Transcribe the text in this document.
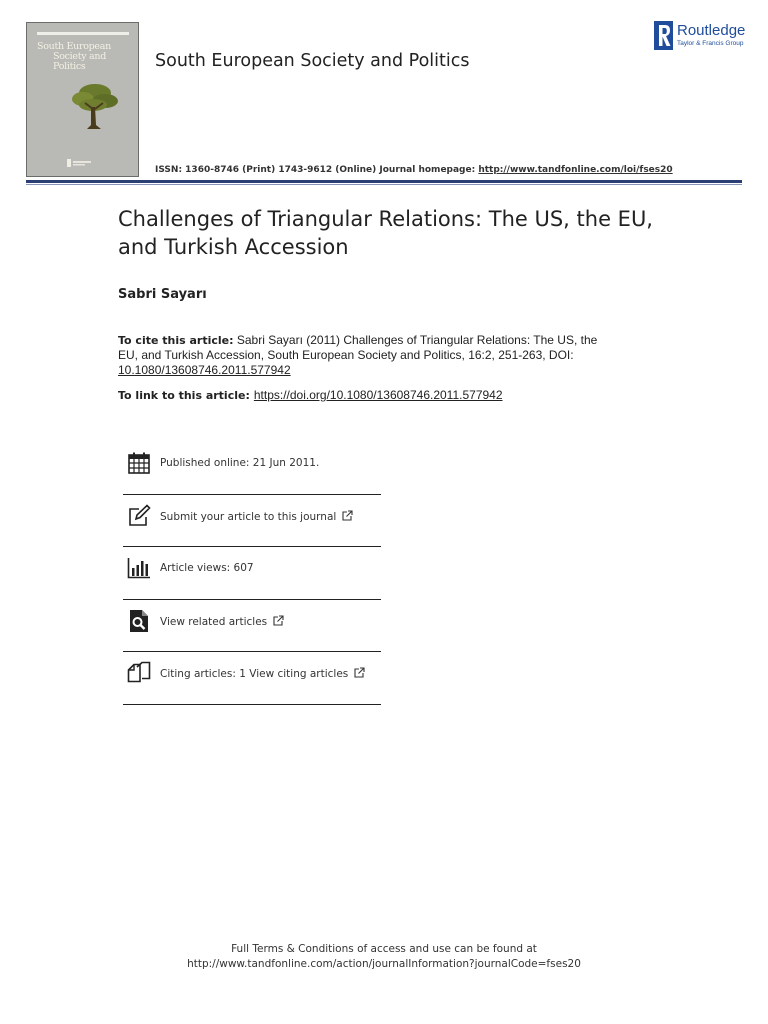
South European
Society and Politics	South European Society and Politics
ISSN: 1360-8746 (Print) 1743-9612 (Online) Journal homepage: http://www.tandfonline.com/loi/fses20
Routledge
Taylor & Francis Group
Challenges of Triangular Relations: The US, the EU, and Turkish Accession
Sabri Sayarı
To cite this article: Sabri Sayarı (2011) Challenges of Triangular Relations: The US, the EU, and Turkish Accession, South European Society and Politics, 16:2, 251-263, DOI: 10.1080/13608746.2011.577942
To link to this article: https://doi.org/10.1080/13608746.2011.577942
Published online: 21 Jun 2011.
Submit your article to this journal
Article views: 607
View related articles
Citing articles: 1 View citing articles
Full Terms & Conditions of access and use can be found at
http://www.tandfonline.com/action/journalInformation?journalCode=fses20
